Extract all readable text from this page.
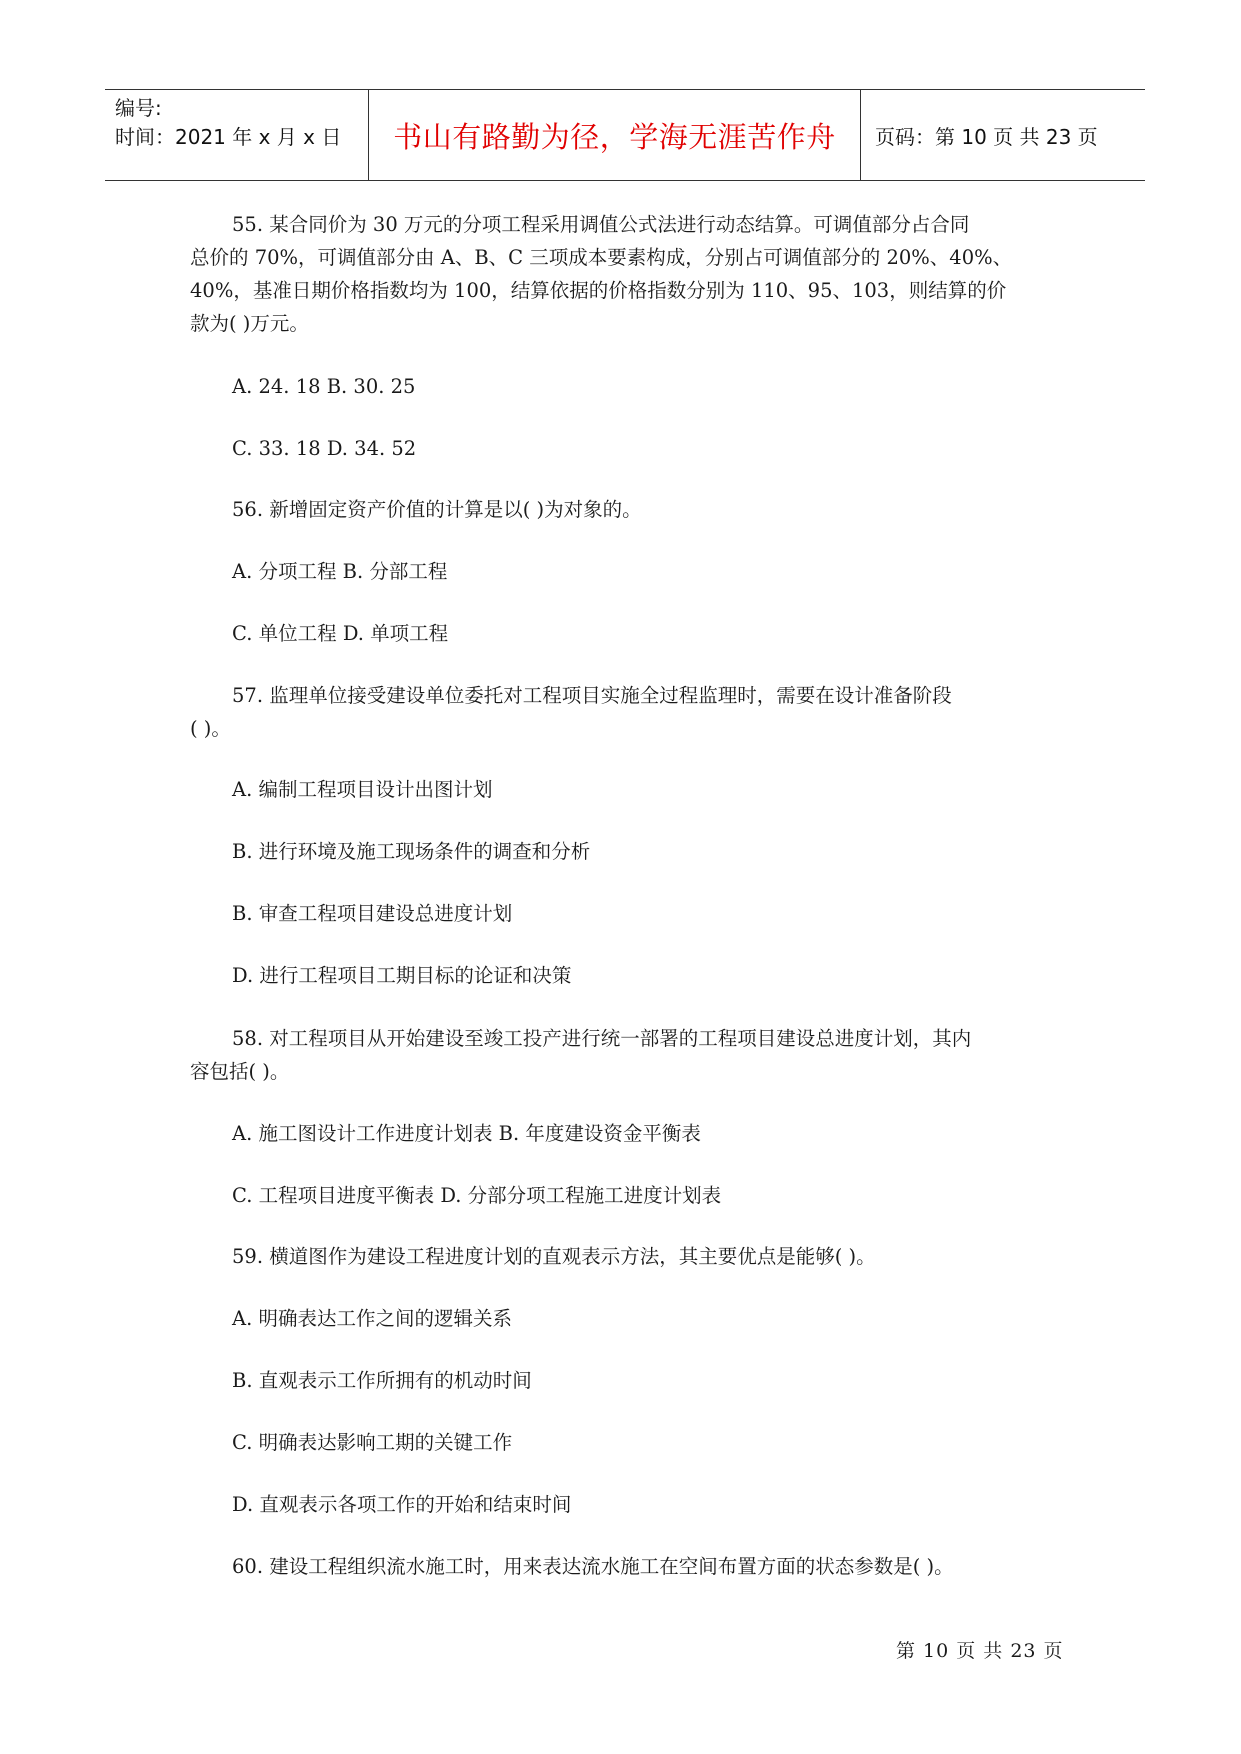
编号:
时间：2021 年 x 月 x 日	书山有路勤为径，学海无涯苦作舟	页码：第 10 页 共 23 页
55. 某合同价为 30 万元的分项工程采用调值公式法进行动态结算。可调值部分占合同
总价的 70%，可调值部分由 A、B、C 三项成本要素构成，分别占可调值部分的 20%、40%、
40%，基准日期价格指数均为 100，结算依据的价格指数分别为 110、95、103，则结算的价
款为( )万元。
A. 24. 18 B. 30. 25
C. 33. 18 D. 34. 52
56. 新增固定资产价值的计算是以( )为对象的。
A. 分项工程 B. 分部工程
C. 单位工程 D. 单项工程
57. 监理单位接受建设单位委托对工程项目实施全过程监理时，需要在设计准备阶段
( )。
A. 编制工程项目设计出图计划
B. 进行环境及施工现场条件的调查和分析
B. 审查工程项目建设总进度计划
D. 进行工程项目工期目标的论证和决策
58. 对工程项目从开始建设至竣工投产进行统一部署的工程项目建设总进度计划，其内
容包括( )。
A. 施工图设计工作进度计划表 B. 年度建设资金平衡表
C. 工程项目进度平衡表 D. 分部分项工程施工进度计划表
59. 横道图作为建设工程进度计划的直观表示方法，其主要优点是能够( )。
A. 明确表达工作之间的逻辑关系
B. 直观表示工作所拥有的机动时间
C. 明确表达影响工期的关键工作
D. 直观表示各项工作的开始和结束时间
60. 建设工程组织流水施工时，用来表达流水施工在空间布置方面的状态参数是( )。
第 10 页 共 23 页
